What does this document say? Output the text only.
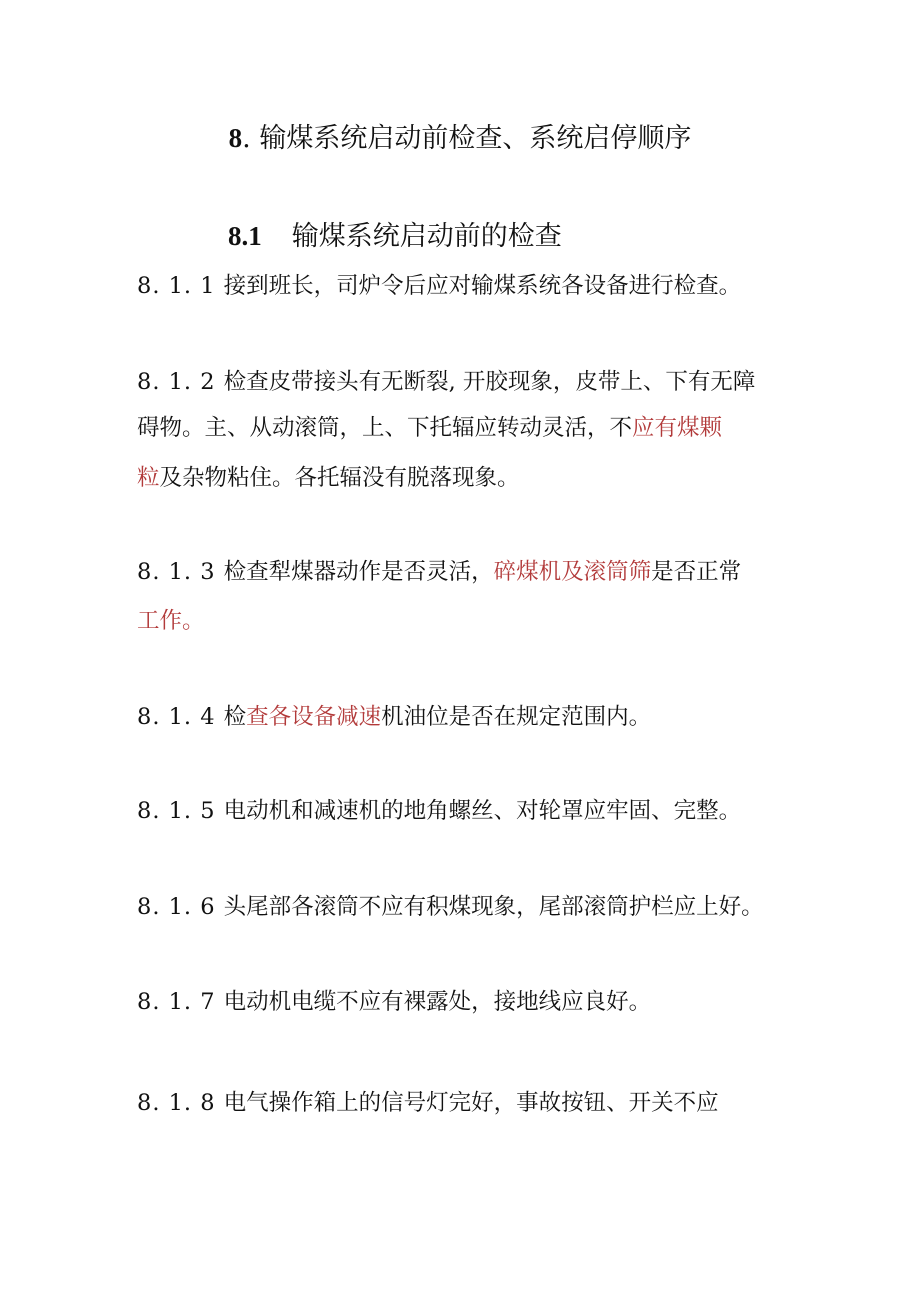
8. 输煤系统启动前检查、系统启停顺序
8.1 输煤系统启动前的检查
8. 1. 1 接到班长，司炉令后应对输煤系统各设备进行检查。
8. 1. 2 检查皮带接头有无断裂, 开胶现象，皮带上、下有无障
碍物。主、从动滚筒，上、下托辐应转动灵活，不应有煤颗
粒及杂物粘住。各托辐没有脱落现象。
8. 1. 3 检查犁煤器动作是否灵活，碎煤机及滚筒筛是否正常
工作。
8. 1. 4 检查各设备减速机油位是否在规定范围内。
8. 1. 5 电动机和减速机的地角螺丝、对轮罩应牢固、完整。
8. 1. 6 头尾部各滚筒不应有积煤现象，尾部滚筒护栏应上好。
8. 1. 7 电动机电缆不应有裸露处，接地线应良好。
8. 1. 8 电气操作箱上的信号灯完好，事故按钮、开关不应
